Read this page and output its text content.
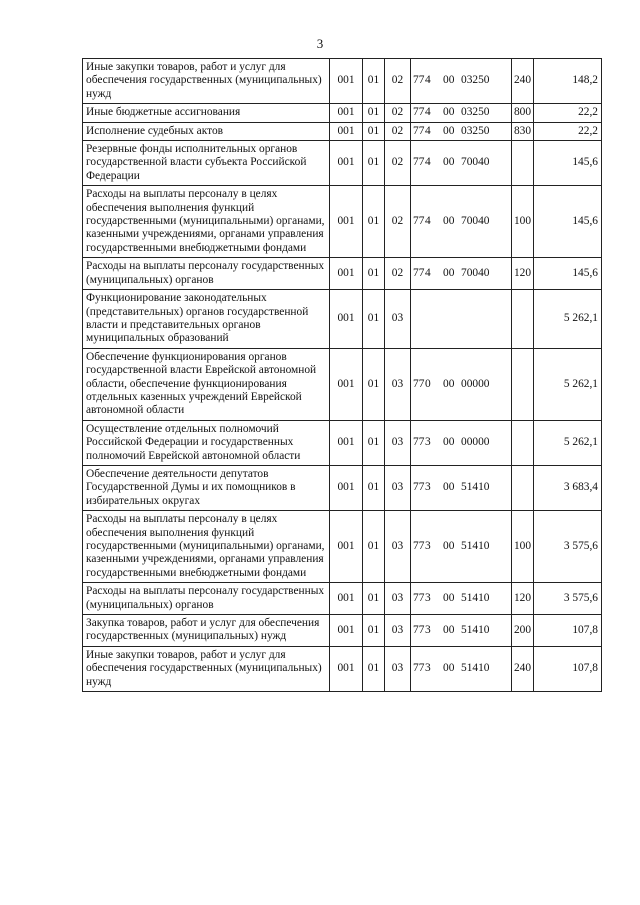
3
Иные закупки товаров, работ и услуг для обеспечения государственных (муниципальных) нужд	001	01	02	774 00 03250	240	148,2
Иные бюджетные ассигнования	001	01	02	774 00 03250	800	22,2
Исполнение судебных актов	001	01	02	774 00 03250	830	22,2
Резервные фонды исполнительных органов государственной власти субъекта Российской Федерации	001	01	02	774 00 70040		145,6
Расходы на выплаты персоналу в целях обеспечения выполнения функций государственными (муниципальными) органами, казенными учреждениями, органами управления государственными внебюджетными фондами	001	01	02	774 00 70040	100	145,6
Расходы на выплаты персоналу государственных (муниципальных) органов	001	01	02	774 00 70040	120	145,6
Функционирование законодательных (представительных) органов государственной власти и представительных органов муниципальных образований	001	01	03			5 262,1
Обеспечение функционирования органов государственной власти Еврейской автономной области, обеспечение функционирования отдельных казенных учреждений Еврейской автономной области	001	01	03	770 00 00000		5 262,1
Осуществление отдельных полномочий Российской Федерации и государственных полномочий Еврейской автономной области	001	01	03	773 00 00000		5 262,1
Обеспечение деятельности депутатов Государственной Думы и их помощников в избирательных округах	001	01	03	773 00 51410		3 683,4
Расходы на выплаты персоналу в целях обеспечения выполнения функций государственными (муниципальными) органами, казенными учреждениями, органами управления государственными внебюджетными фондами	001	01	03	773 00 51410	100	3 575,6
Расходы на выплаты персоналу государственных (муниципальных) органов	001	01	03	773 00 51410	120	3 575,6
Закупка товаров, работ и услуг для обеспечения государственных (муниципальных) нужд	001	01	03	773 00 51410	200	107,8
Иные закупки товаров, работ и услуг для обеспечения государственных (муниципальных) нужд	001	01	03	773 00 51410	240	107,8
